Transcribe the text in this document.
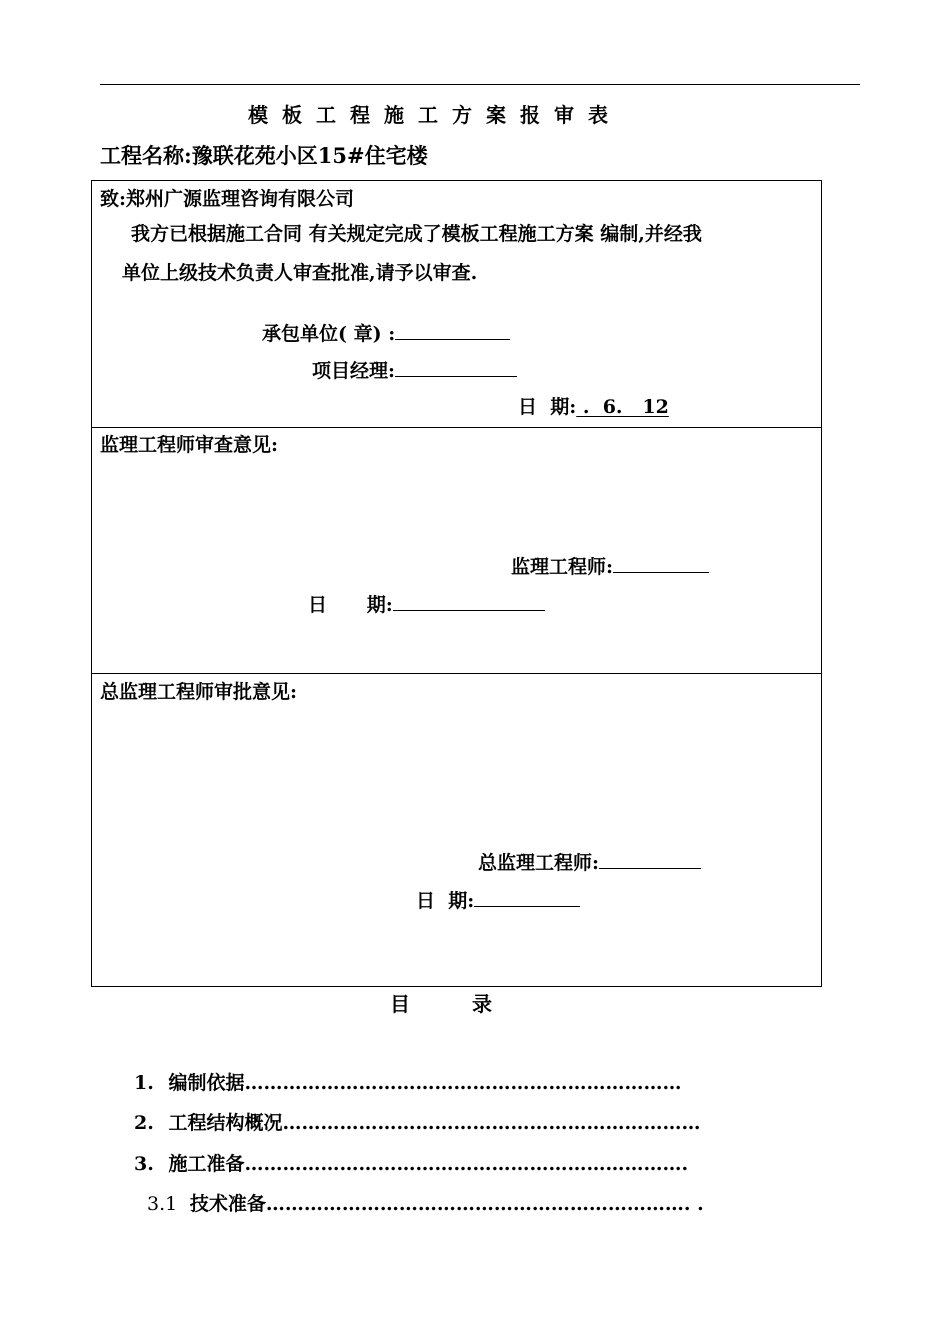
模板工程施工方案报审表
工程名称:豫联花苑小区15#住宅楼
致:郑州广源监理咨询有限公司
我方已根据施工合同 有关规定完成了模板工程施工方案 编制,并经我
单位上级技术负责人审查批准,请予以审查.
承包单位( 章) :
项目经理:
日  期: .  6.   12
监理工程师审查意见:
监理工程师:
日      期:
总监理工程师审批意见:
总监理工程师:
日  期:
目	录
1. 编制依据……………………………………………………………
2. 工程结构概况…………………………………………………………
3. 施工准备…………………………………………………………….
3.1 技术准备…………………………………………………………. .
